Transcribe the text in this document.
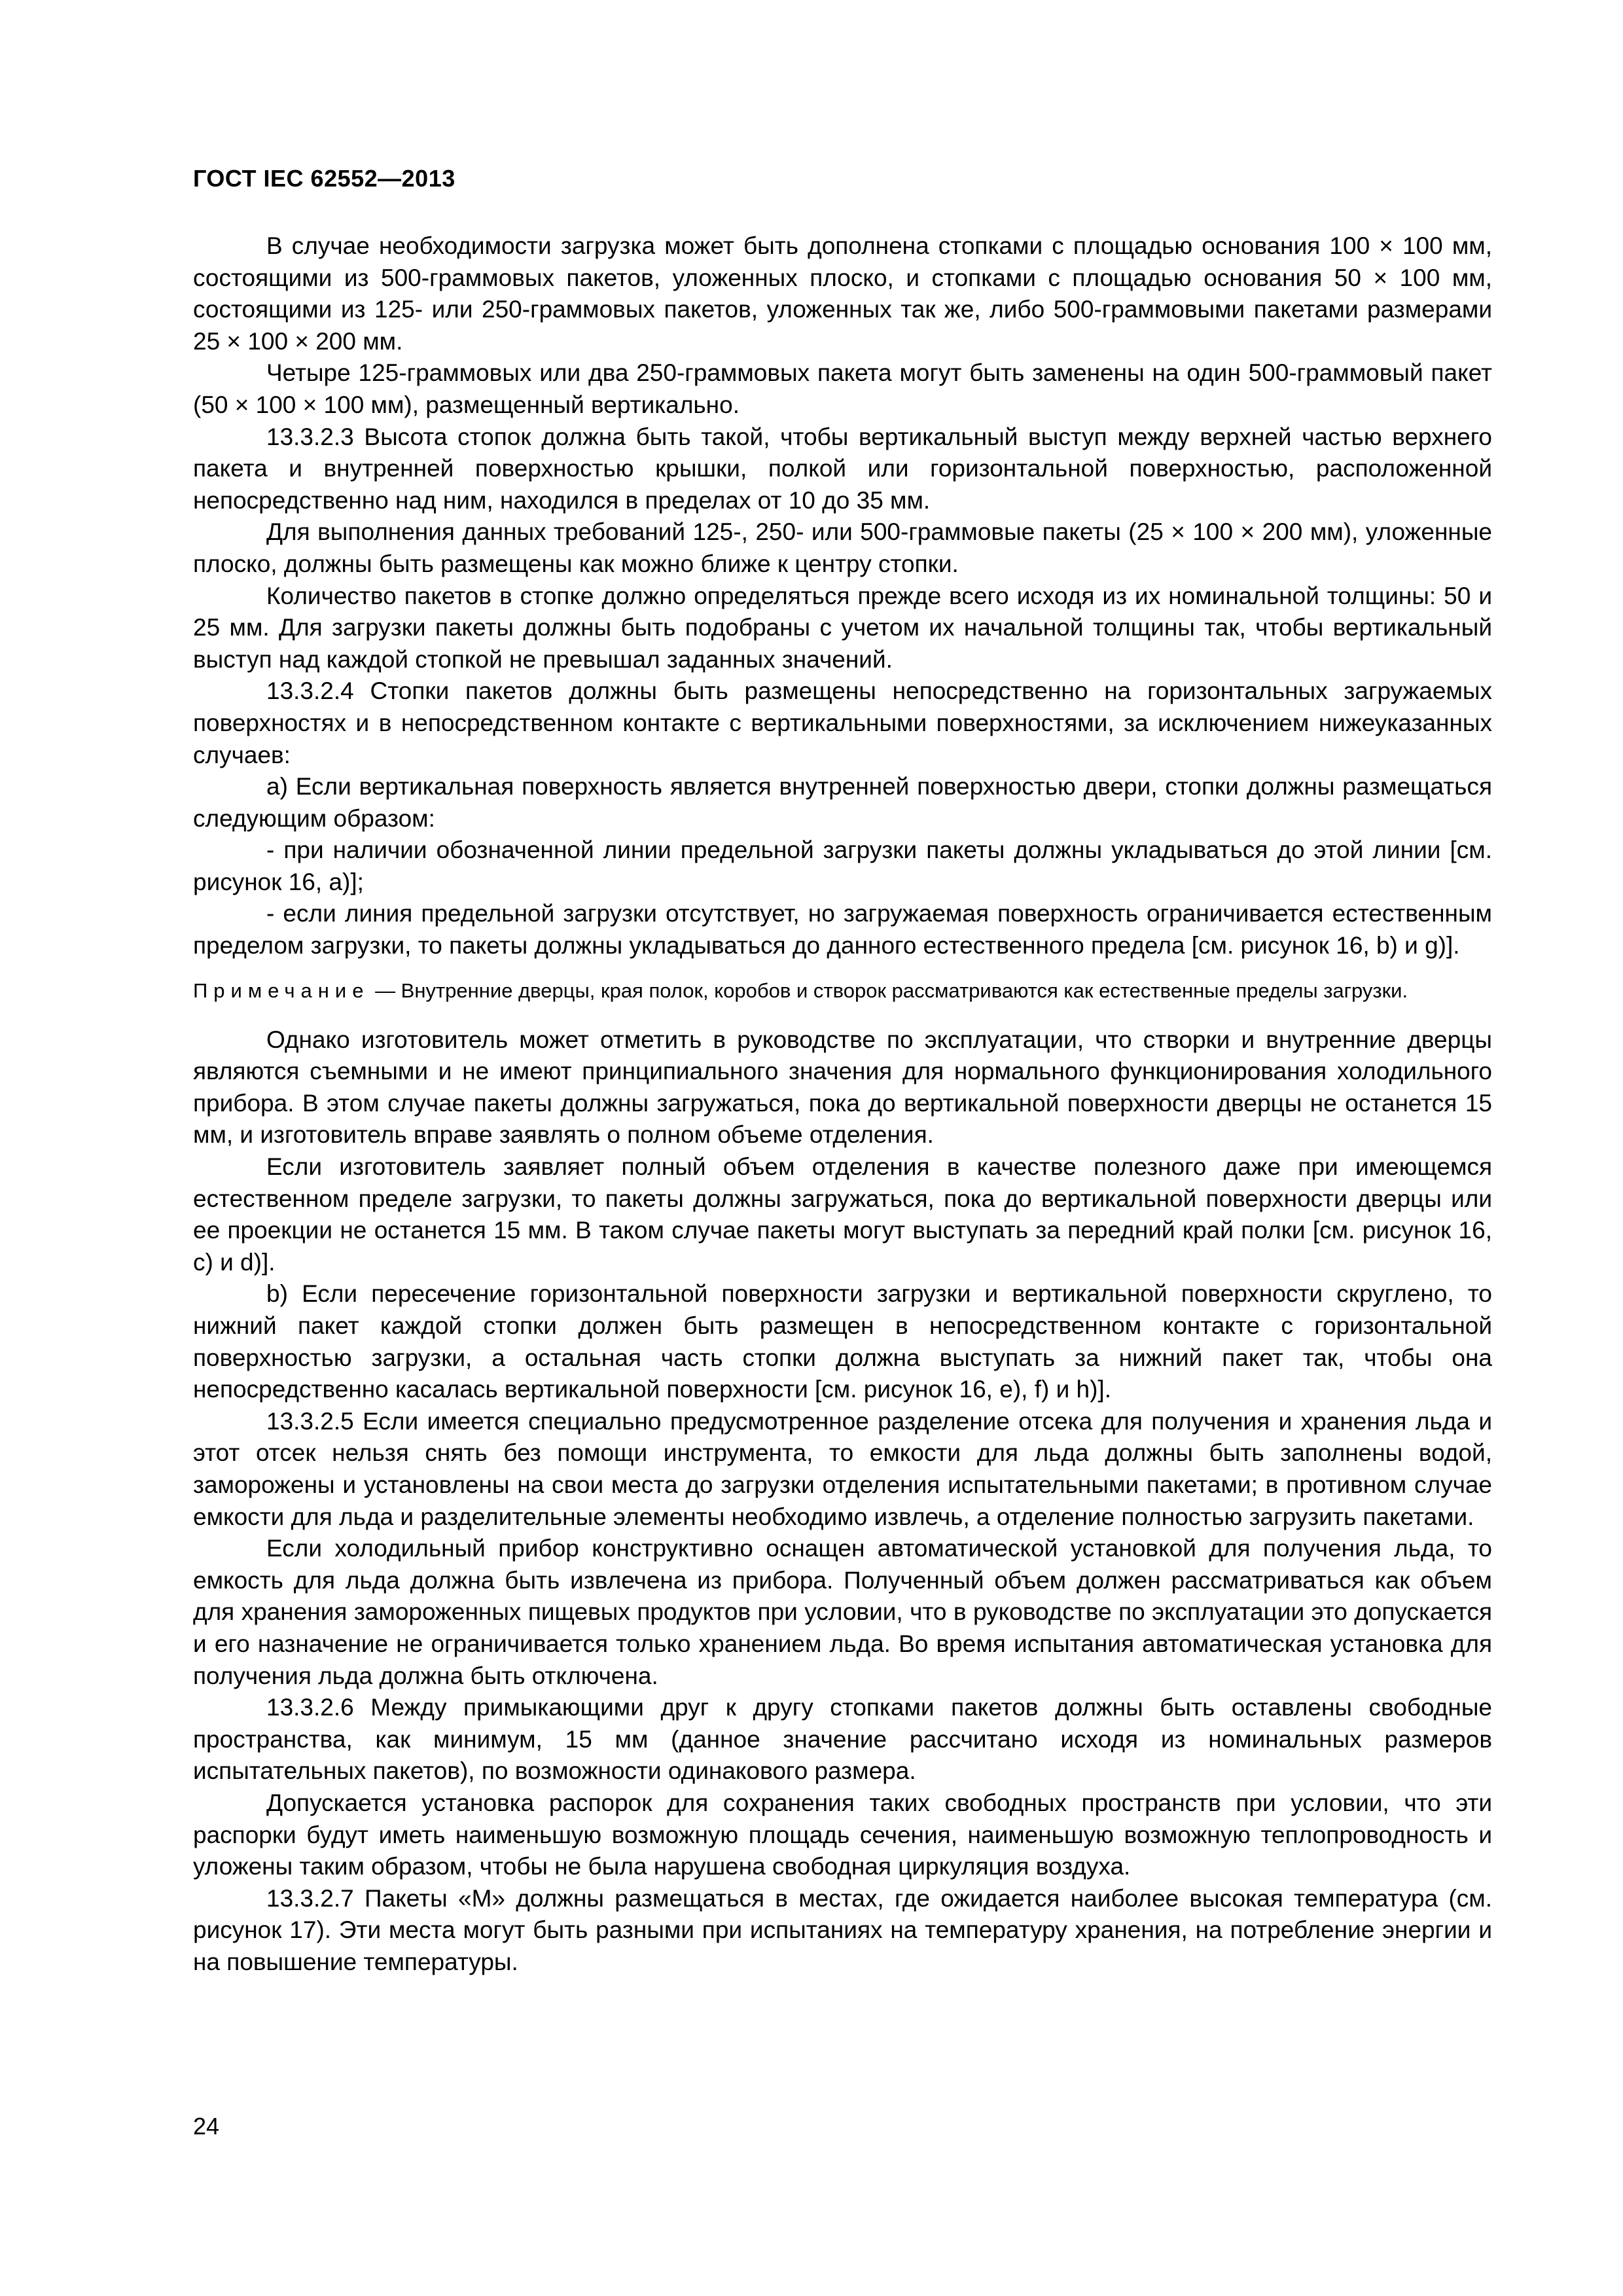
ГОСТ IEC 62552—2013

В случае необходимости загрузка может быть дополнена стопками с площадью основания 100 × 100 мм, состоящими из 500-граммовых пакетов, уложенных плоско, и стопками с площадью основания 50 × 100 мм, состоящими из 125- или 250-граммовых пакетов, уложенных так же, либо 500-граммовыми пакетами размерами 25 × 100 × 200 мм.

Четыре 125-граммовых или два 250-граммовых пакета могут быть заменены на один 500-граммовый пакет (50 × 100 × 100 мм), размещенный вертикально.

13.3.2.3 Высота стопок должна быть такой, чтобы вертикальный выступ между верхней частью верхнего пакета и внутренней поверхностью крышки, полкой или горизонтальной поверхностью, расположенной непосредственно над ним, находился в пределах от 10 до 35 мм.

Для выполнения данных требований 125-, 250- или 500-граммовые пакеты (25 × 100 × 200 мм), уложенные плоско, должны быть размещены как можно ближе к центру стопки.

Количество пакетов в стопке должно определяться прежде всего исходя из их номинальной толщины: 50 и 25 мм. Для загрузки пакеты должны быть подобраны с учетом их начальной толщины так, чтобы вертикальный выступ над каждой стопкой не превышал заданных значений.

13.3.2.4 Стопки пакетов должны быть размещены непосредственно на горизонтальных загружаемых поверхностях и в непосредственном контакте с вертикальными поверхностями, за исключением нижеуказанных случаев:

a) Если вертикальная поверхность является внутренней поверхностью двери, стопки должны размещаться следующим образом:

- при наличии обозначенной линии предельной загрузки пакеты должны укладываться до этой линии [см. рисунок 16, a)];

- если линия предельной загрузки отсутствует, но загружаемая поверхность ограничивается естественным пределом загрузки, то пакеты должны укладываться до данного естественного предела [см. рисунок 16, b) и g)].

Примечание — Внутренние дверцы, края полок, коробов и створок рассматриваются как естественные пределы загрузки.

Однако изготовитель может отметить в руководстве по эксплуатации, что створки и внутренние дверцы являются съемными и не имеют принципиального значения для нормального функционирования холодильного прибора. В этом случае пакеты должны загружаться, пока до вертикальной поверхности дверцы не останется 15 мм, и изготовитель вправе заявлять о полном объеме отделения.

Если изготовитель заявляет полный объем отделения в качестве полезного даже при имеющемся естественном пределе загрузки, то пакеты должны загружаться, пока до вертикальной поверхности дверцы или ее проекции не останется 15 мм. В таком случае пакеты могут выступать за передний край полки [см. рисунок 16, c) и d)].

b) Если пересечение горизонтальной поверхности загрузки и вертикальной поверхности скруглено, то нижний пакет каждой стопки должен быть размещен в непосредственном контакте с горизонтальной поверхностью загрузки, а остальная часть стопки должна выступать за нижний пакет так, чтобы она непосредственно касалась вертикальной поверхности [см. рисунок 16, e), f) и h)].

13.3.2.5 Если имеется специально предусмотренное разделение отсека для получения и хранения льда и этот отсек нельзя снять без помощи инструмента, то емкости для льда должны быть заполнены водой, заморожены и установлены на свои места до загрузки отделения испытательными пакетами; в противном случае емкости для льда и разделительные элементы необходимо извлечь, а отделение полностью загрузить пакетами.

Если холодильный прибор конструктивно оснащен автоматической установкой для получения льда, то емкость для льда должна быть извлечена из прибора. Полученный объем должен рассматриваться как объем для хранения замороженных пищевых продуктов при условии, что в руководстве по эксплуатации это допускается и его назначение не ограничивается только хранением льда. Во время испытания автоматическая установка для получения льда должна быть отключена.

13.3.2.6 Между примыкающими друг к другу стопками пакетов должны быть оставлены свободные пространства, как минимум, 15 мм (данное значение рассчитано исходя из номинальных размеров испытательных пакетов), по возможности одинакового размера.

Допускается установка распорок для сохранения таких свободных пространств при условии, что эти распорки будут иметь наименьшую возможную площадь сечения, наименьшую возможную теплопроводность и уложены таким образом, чтобы не была нарушена свободная циркуляция воздуха.

13.3.2.7 Пакеты «М» должны размещаться в местах, где ожидается наиболее высокая температура (см. рисунок 17). Эти места могут быть разными при испытаниях на температуру хранения, на потребление энергии и на повышение температуры.

24
